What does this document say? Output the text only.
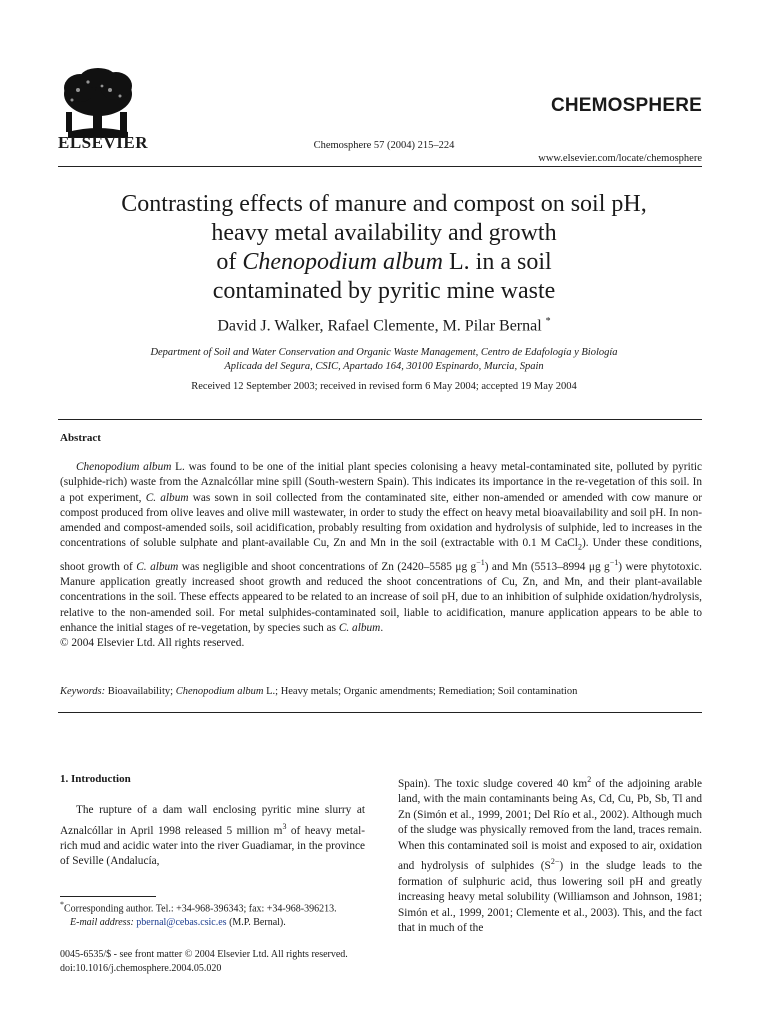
ELSEVIER	Chemosphere 57 (2004) 215–224
CHEMOSPHERE
www.elsevier.com/locate/chemosphere
Contrasting effects of manure and compost on soil pH,
heavy metal availability and growth
of Chenopodium album L. in a soil
contaminated by pyritic mine waste
David J. Walker, Rafael Clemente, M. Pilar Bernal *
Department of Soil and Water Conservation and Organic Waste Management, Centro de Edafología y Biología
Aplicada del Segura, CSIC, Apartado 164, 30100 Espinardo, Murcia, Spain
Received 12 September 2003; received in revised form 6 May 2004; accepted 19 May 2004
Abstract

Chenopodium album L. was found to be one of the initial plant species colonising a heavy metal-contaminated site, polluted by pyritic (sulphide-rich) waste from the Aznalcóllar mine spill (South-western Spain). This indicates its importance in the re-vegetation of this soil. In a pot experiment, C. album was sown in soil collected from the contaminated site, either non-amended or amended with cow manure or compost produced from olive leaves and olive mill wastewater, in order to study the effect on heavy metal bioavailability and soil pH. In non-amended and compost-amended soils, soil acidification, probably resulting from oxidation and hydrolysis of sulphide, led to increases in the concentrations of soluble sulphate and plant-available Cu, Zn and Mn in the soil (extractable with 0.1 M CaCl$_2$). Under these conditions, shoot growth of C. album was negligible and shoot concentrations of Zn (2420–5585 μg $g^{-1}$) and Mn (5513–8994 μg $g^{-1}$) were phytotoxic. Manure application greatly increased shoot growth and reduced the shoot concentrations of Cu, Zn, and Mn, and their plant-available concentrations in the soil. These effects appeared to be related to an increase of soil pH, due to an inhibition of sulphide oxidation/hydrolysis, relative to the non-amended soil. For metal sulphides-contaminated soil, liable to acidification, manure application appears to be able to enhance the initial stages of re-vegetation, by species such as C. album.

© 2004 Elsevier Ltd. All rights reserved.
Keywords: Bioavailability; Chenopodium album L.; Heavy metals; Organic amendments; Remediation; Soil contamination
1. Introduction

The rupture of a dam wall enclosing pyritic mine slurry at Aznalcóllar in April 1998 released 5 million $m^3$ of heavy metal-rich mud and acidic water into the river Guadiamar, in the province of Seville (Andalucía,

Spain). The toxic sludge covered 40 $km^2$ of the adjoining arable land, with the main contaminants being As, Cd, Cu, Pb, Sb, Tl and Zn (Simón et al., 1999, 2001; Del Río et al., 2002). Although much of the sludge was physically removed from the land, traces remain. When this contaminated soil is moist and exposed to air, oxidation and hydrolysis of sulphides $(S^{2-})$ in the sludge leads to the formation of sulphuric acid, thus lowering soil pH and greatly increasing heavy metal solubility (Williamson and Johnson, 1981; Simón et al., 1999, 2001; Clemente et al., 2003). This, and the fact that in much of the

*Corresponding author. Tel.: +34-968-396343; fax: +34-968-396213.

E-mail address: pbernal@cebas.csic.es (M.P. Bernal).

0045-6535/$ - see front matter © 2004 Elsevier Ltd. All rights reserved.
doi:10.1016/j.chemosphere.2004.05.020
